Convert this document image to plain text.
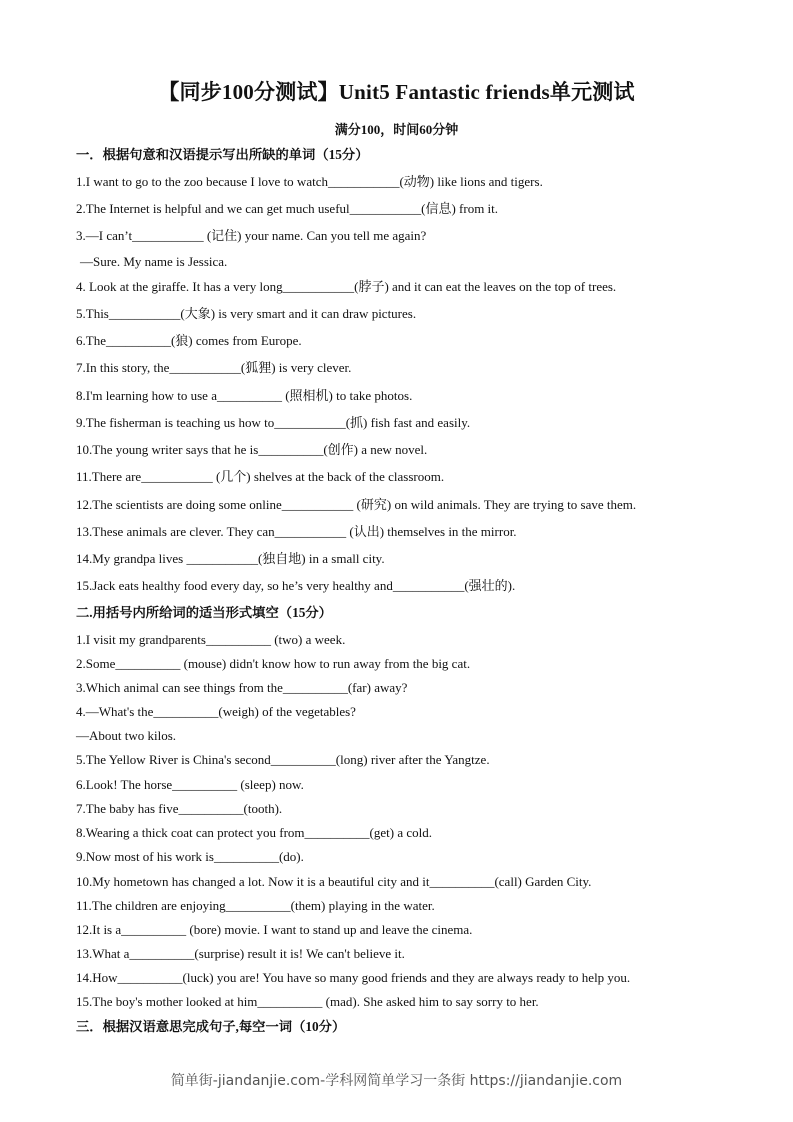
【同步100分测试】Unit5 Fantastic friends单元测试
满分100，时间60分钟
一．根据句意和汉语提示写出所缺的单词（15分）
1.I want to go to the zoo because I love to watch___________(动物) like lions and tigers.
2.The Internet is helpful and we can get much useful___________(信息) from it.
3.—I can’t___________ (记住) your name. Can you tell me again?
—Sure. My name is Jessica.
4. Look at the giraffe. It has a very long___________(脖子) and it can eat the leaves on the top of trees.
5.This___________(大象) is very smart and it can draw pictures.
6.The__________(狼) comes from Europe.
7.In this story, the___________(狐狸) is very clever.
8.I'm learning how to use a__________ (照相机) to take photos.
9.The fisherman is teaching us how to___________(抓) fish fast and easily.
10.The young writer says that he is__________(创作) a new novel.
11.There are___________ (几个) shelves at the back of the classroom.
12.The scientists are doing some online___________ (研究) on wild animals. They are trying to save them.
13.These animals are clever. They can___________ (认出) themselves in the mirror.
14.My grandpa lives ___________(独自地) in a small city.
15.Jack eats healthy food every day, so he’s very healthy and___________(强壮的).
二.用括号内所给词的适当形式填空（15分）
1.I visit my grandparents__________ (two) a week.
2.Some__________ (mouse) didn't know how to run away from the big cat.
3.Which animal can see things from the__________(far) away?
4.—What's the__________(weigh) of the vegetables?
—About two kilos.
5.The Yellow River is China's second__________(long) river after the Yangtze.
6.Look! The horse__________ (sleep) now.
7.The baby has five__________(tooth).
8.Wearing a thick coat can protect you from__________(get) a cold.
9.Now most of his work is__________(do).
10.My hometown has changed a lot. Now it is a beautiful city and it__________(call) Garden City.
11.The children are enjoying__________(them) playing in the water.
12.It is a__________ (bore) movie. I want to stand up and leave the cinema.
13.What a__________(surprise) result it is! We can't believe it.
14.How__________(luck) you are! You have so many good friends and they are always ready to help you.
15.The boy's mother looked at him__________ (mad). She asked him to say sorry to her.
三．根据汉语意思完成句子,每空一词（10分）
简单街-jiandanjie.com-学科网简单学习一条街 https://jiandanjie.com
